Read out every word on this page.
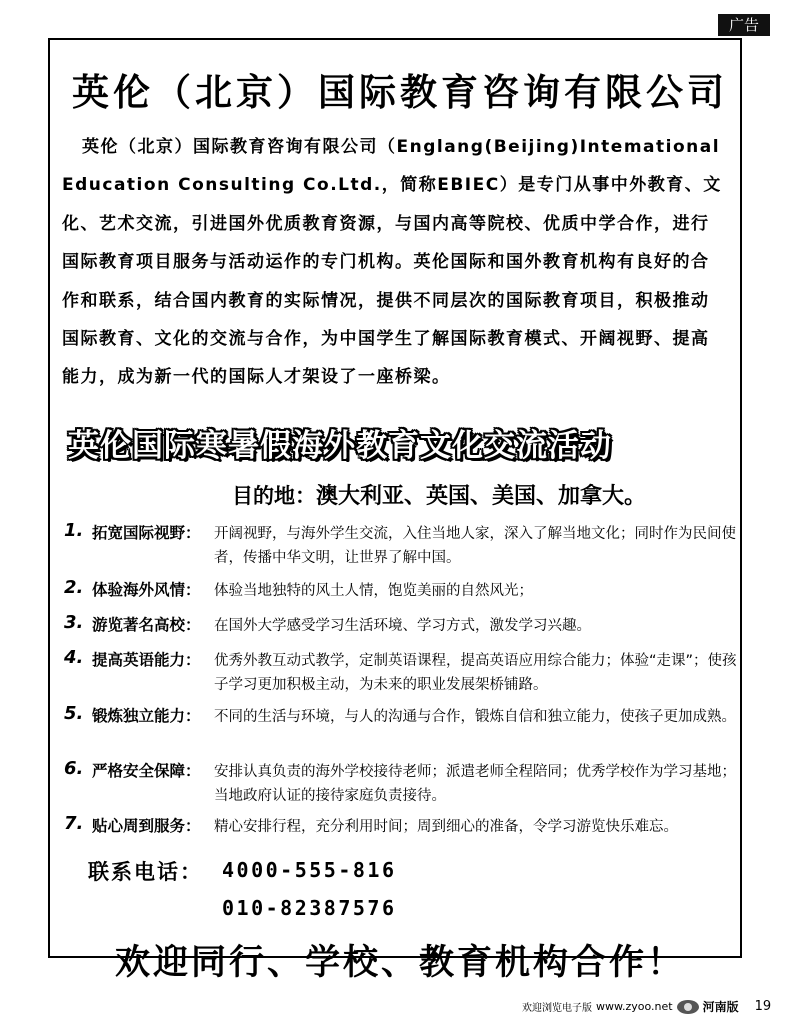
广告
英伦（北京）国际教育咨询有限公司
英伦（北京）国际教育咨询有限公司（Englang(Beijing)Intemational
Education Consulting Co.Ltd.，简称EBIEC）是专门从事中外教育、文
化、艺术交流，引进国外优质教育资源，与国内高等院校、优质中学合作，进行
国际教育项目服务与活动运作的专门机构。英伦国际和国外教育机构有良好的合
作和联系，结合国内教育的实际情况，提供不同层次的国际教育项目，积极推动
国际教育、文化的交流与合作，为中国学生了解国际教育模式、开阔视野、提高
能力，成为新一代的国际人才架设了一座桥梁。
英伦国际寒暑假海外教育文化交流活动
目的地：澳大利亚、英国、美国、加拿大。
1. 拓宽国际视野： 开阔视野，与海外学生交流，入住当地人家，深入了解当地文化；同时作为民间使者，传播中华文明，让世界了解中国。
2. 体验海外风情： 体验当地独特的风土人情，饱览美丽的自然风光；
3. 游览著名高校： 在国外大学感受学习生活环境、学习方式，激发学习兴趣。
4. 提高英语能力： 优秀外教互动式教学，定制英语课程，提高英语应用综合能力；体验“走课”；使孩子学习更加积极主动，为未来的职业发展架桥铺路。
5. 锻炼独立能力： 不同的生活与环境，与人的沟通与合作，锻炼自信和独立能力，使孩子更加成熟。
6. 严格安全保障： 安排认真负责的海外学校接待老师；派遣老师全程陪同；优秀学校作为学习基地；当地政府认证的接待家庭负责接待。
7. 贴心周到服务： 精心安排行程，充分利用时间；周到细心的准备，令学习游览快乐难忘。
联系电话： 4000-555-816
010-82387576
欢迎同行、学校、教育机构合作！
欢迎浏览电子版 www.zyoo.net	河南版 19
